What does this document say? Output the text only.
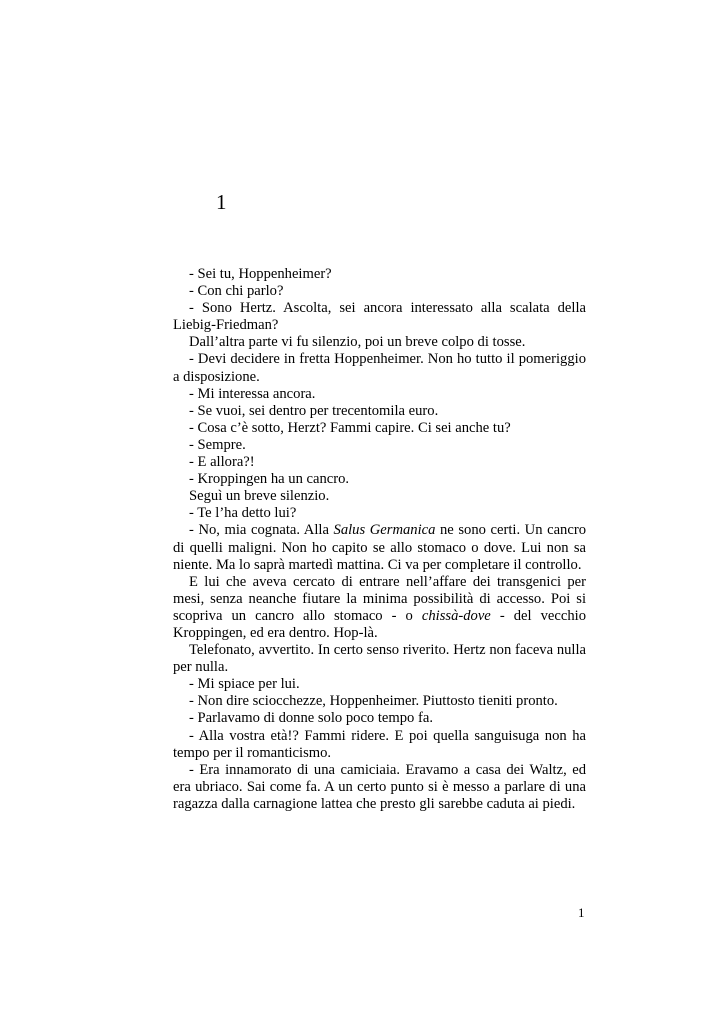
1

- Sei tu, Hoppenheimer?

- Con chi parlo?

- Sono Hertz. Ascolta, sei ancora interessato alla scalata della Liebig-Friedman?

Dall’altra parte vi fu silenzio, poi un breve colpo di tosse.

- Devi decidere in fretta Hoppenheimer. Non ho tutto il pomeriggio a disposizione.

- Mi interessa ancora.

- Se vuoi, sei dentro per trecentomila euro.

- Cosa c’è sotto, Herzt? Fammi capire. Ci sei anche tu?

- Sempre.

- E allora?!

- Kroppingen ha un cancro.

Seguì un breve silenzio.

- Te l’ha detto lui?

- No, mia cognata. Alla Salus Germanica ne sono certi. Un cancro di quelli maligni. Non ho capito se allo stomaco o dove. Lui non sa niente. Ma lo saprà martedì mattina. Ci va per completare il controllo.

E lui che aveva cercato di entrare nell’affare dei transgenici per mesi, senza neanche fiutare la minima possibilità di accesso. Poi si scopriva un cancro allo stomaco - o chissà-dove - del vecchio Kroppingen, ed era dentro. Hop-là.

Telefonato, avvertito. In certo senso riverito. Hertz non faceva nulla per nulla.

- Mi spiace per lui.

- Non dire sciocchezze, Hoppenheimer. Piuttosto tieniti pronto.

- Parlavamo di donne solo poco tempo fa.

- Alla vostra età!? Fammi ridere. E poi quella sanguisuga non ha tempo per il romanticismo.

- Era innamorato di una camiciaia. Eravamo a casa dei Waltz, ed era ubriaco. Sai come fa. A un certo punto si è messo a parlare di una ragazza dalla carnagione lattea che presto gli sarebbe caduta ai piedi.

1
